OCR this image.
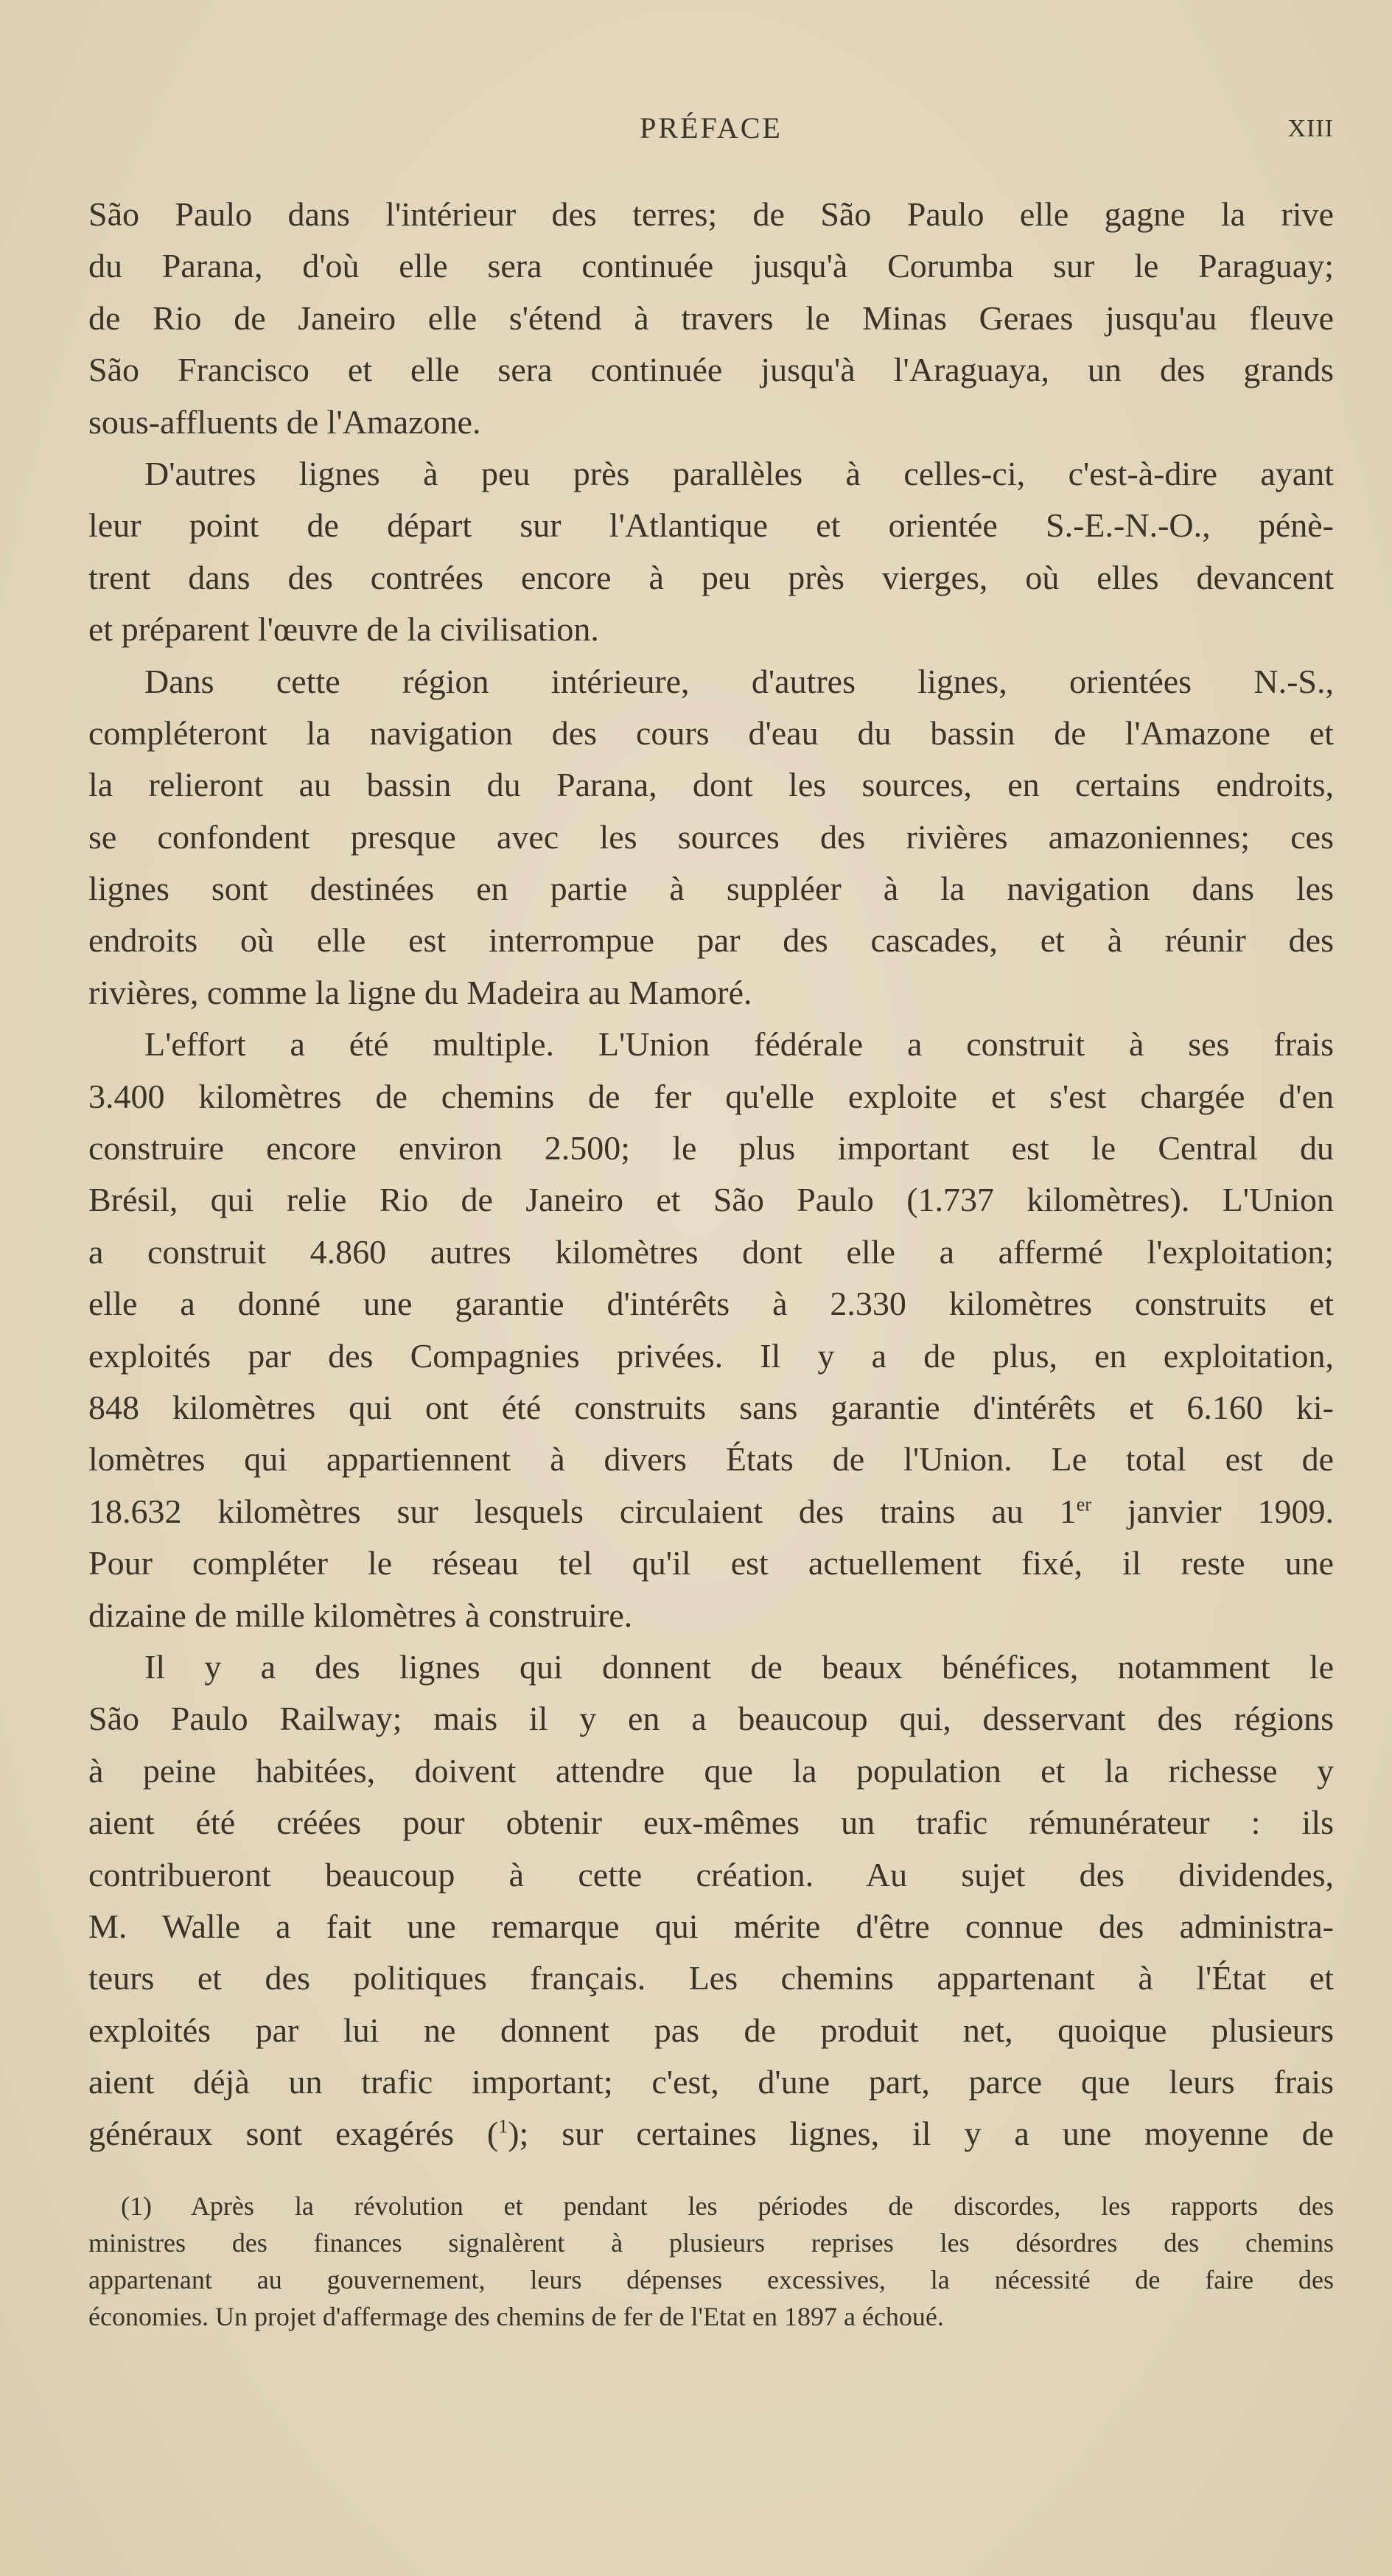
PRÉFACE	XIII
São Paulo dans l'intérieur des terres; de São Paulo elle gagne la rive
du Parana, d'où elle sera continuée jusqu'à Corumba sur le Paraguay;
de Rio de Janeiro elle s'étend à travers le Minas Geraes jusqu'au fleuve
São Francisco et elle sera continuée jusqu'à l'Araguaya, un des grands
sous-affluents de l'Amazone.
D'autres lignes à peu près parallèles à celles-ci, c'est-à-dire ayant
leur point de départ sur l'Atlantique et orientée S.-E.-N.-O., pénè-
trent dans des contrées encore à peu près vierges, où elles devancent
et préparent l'œuvre de la civilisation.
Dans cette région intérieure, d'autres lignes, orientées N.-S.,
compléteront la navigation des cours d'eau du bassin de l'Amazone et
la relieront au bassin du Parana, dont les sources, en certains endroits,
se confondent presque avec les sources des rivières amazoniennes; ces
lignes sont destinées en partie à suppléer à la navigation dans les
endroits où elle est interrompue par des cascades, et à réunir des
rivières, comme la ligne du Madeira au Mamoré.
L'effort a été multiple. L'Union fédérale a construit à ses frais
3.400 kilomètres de chemins de fer qu'elle exploite et s'est chargée d'en
construire encore environ 2.500; le plus important est le Central du
Brésil, qui relie Rio de Janeiro et São Paulo (1.737 kilomètres). L'Union
a construit 4.860 autres kilomètres dont elle a affermé l'exploitation;
elle a donné une garantie d'intérêts à 2.330 kilomètres construits et
exploités par des Compagnies privées. Il y a de plus, en exploitation,
848 kilomètres qui ont été construits sans garantie d'intérêts et 6.160 ki-
lomètres qui appartiennent à divers États de l'Union. Le total est de
18.632 kilomètres sur lesquels circulaient des trains au 1er janvier 1909.
Pour compléter le réseau tel qu'il est actuellement fixé, il reste une
dizaine de mille kilomètres à construire.
Il y a des lignes qui donnent de beaux bénéfices, notamment le
São Paulo Railway; mais il y en a beaucoup qui, desservant des régions
à peine habitées, doivent attendre que la population et la richesse y
aient été créées pour obtenir eux-mêmes un trafic rémunérateur : ils
contribueront beaucoup à cette création. Au sujet des dividendes,
M. Walle a fait une remarque qui mérite d'être connue des administra-
teurs et des politiques français. Les chemins appartenant à l'État et
exploités par lui ne donnent pas de produit net, quoique plusieurs
aient déjà un trafic important; c'est, d'une part, parce que leurs frais
généraux sont exagérés ($^1$); sur certaines lignes, il y a une moyenne de
(1) Après la révolution et pendant les périodes de discordes, les rapports des
ministres des finances signalèrent à plusieurs reprises les désordres des chemins
appartenant au gouvernement, leurs dépenses excessives, la nécessité de faire des
économies. Un projet d'affermage des chemins de fer de l'Etat en 1897 a échoué.
